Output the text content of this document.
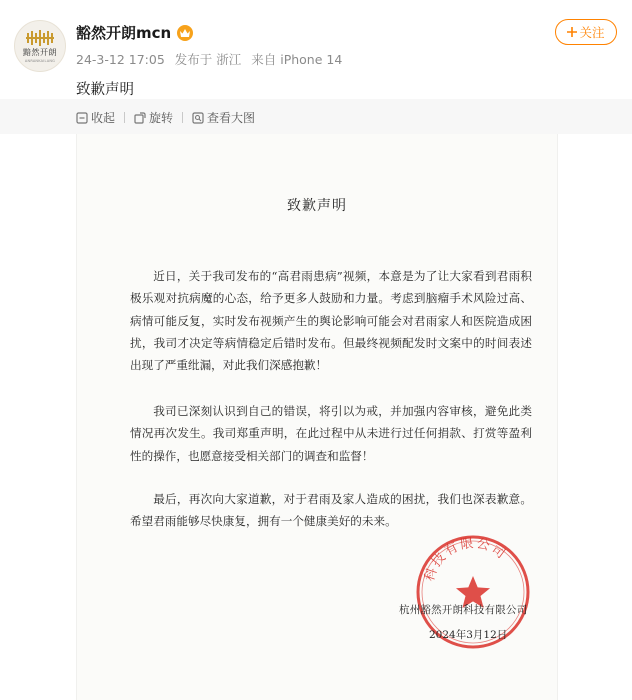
黯然开朗
ANRANKAILANG
豁然开朗mcn
24-3-12 17:05 发布于 浙江 来自 iPhone 14
关注
致歉声明
收起	旋转	查看大图
致歉声明
近日，关于我司发布的“高君雨患病”视频，本意是为了让大家看到君雨积极乐观对抗病魔的心态，给予更多人鼓励和力量。考虑到脑瘤手术风险过高、病情可能反复，实时发布视频产生的舆论影响可能会对君雨家人和医院造成困扰，我司才决定等病情稳定后错时发布。但最终视频配发时文案中的时间表述出现了严重纰漏，对此我们深感抱歉！
我司已深刻认识到自己的错误，将引以为戒，并加强内容审核，避免此类情况再次发生。我司郑重声明，在此过程中从未进行过任何捐款、打赏等盈利性的操作，也愿意接受相关部门的调查和监督！
最后，再次向大家道歉，对于君雨及家人造成的困扰，我们也深表歉意。希望君雨能够尽快康复，拥有一个健康美好的未来。
科技有限公司
杭州豁然开朗科技有限公司
2024年3月12日
